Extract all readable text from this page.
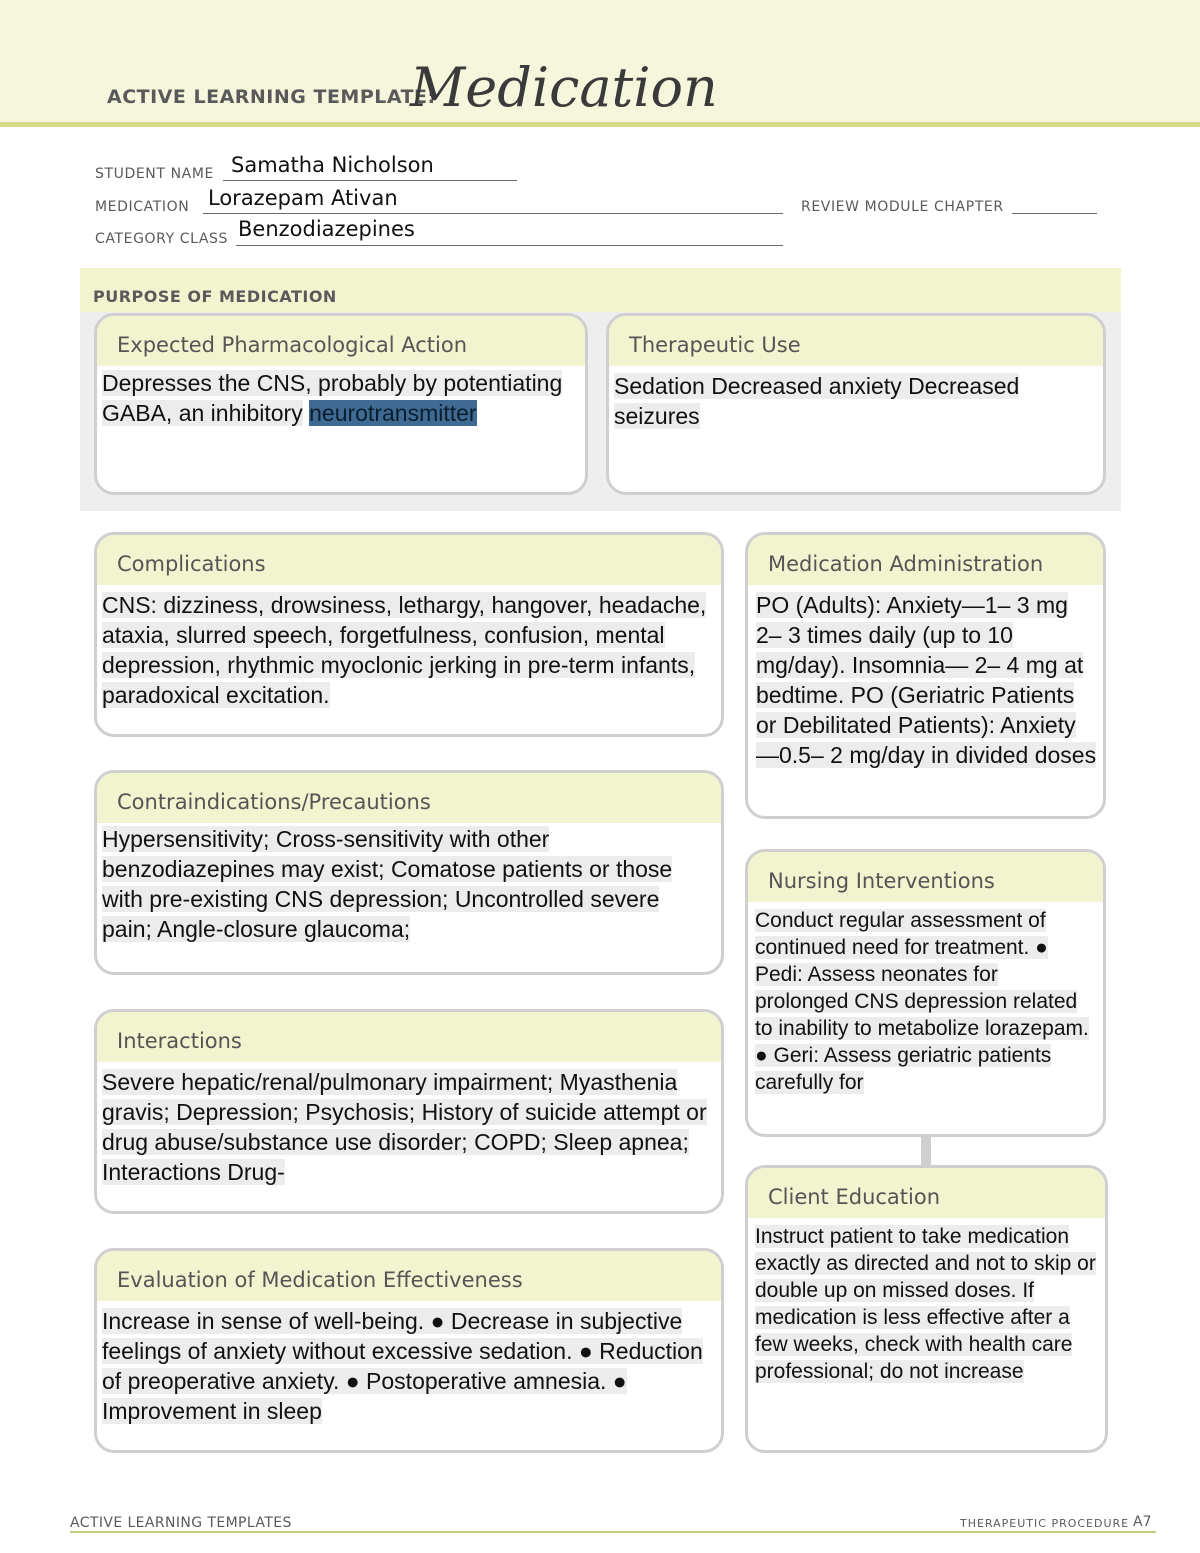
ACTIVE LEARNING TEMPLATE:
Medication
STUDENT NAME Samatha Nicholson
MEDICATION Lorazepam Ativan	REVIEW MODULE CHAPTER
CATEGORY CLASS Benzodiazepines
PURPOSE OF MEDICATION
Expected Pharmacological Action
Depresses the CNS, probably by potentiating GABA, an inhibitory neurotransmitter
Therapeutic Use
Sedation Decreased anxiety Decreased seizures
Complications
CNS: dizziness, drowsiness, lethargy, hangover, headache, ataxia, slurred speech, forgetfulness, confusion, mental depression, rhythmic myoclonic jerking in pre-term infants, paradoxical excitation.
Contraindications/Precautions
Hypersensitivity; Cross-sensitivity with other benzodiazepines may exist; Comatose patients or those with pre-existing CNS depression; Uncontrolled severe pain; Angle-closure glaucoma;
Interactions
Severe hepatic/renal/pulmonary impairment; Myasthenia gravis; Depression; Psychosis; History of suicide attempt or drug abuse/substance use disorder; COPD; Sleep apnea; Interactions Drug-
Evaluation of Medication Effectiveness
Increase in sense of well-being. ● Decrease in subjective feelings of anxiety without excessive sedation. ● Reduction of preoperative anxiety. ● Postoperative amnesia. ● Improvement in sleep
Medication Administration
PO (Adults): Anxiety—1– 3 mg 2– 3 times daily (up to 10 mg/day). Insomnia— 2– 4 mg at bedtime. PO (Geriatric Patients or Debilitated Patients): Anxiety—0.5– 2 mg/day in divided doses
Nursing Interventions
Conduct regular assessment of continued need for treatment. ● Pedi: Assess neonates for prolonged CNS depression related to inability to metabolize lorazepam. ● Geri: Assess geriatric patients carefully for
Client Education
Instruct patient to take medication exactly as directed and not to skip or double up on missed doses. If medication is less effective after a few weeks, check with health care professional; do not increase
ACTIVE LEARNING TEMPLATES	THERAPEUTIC PROCEDURE A7
